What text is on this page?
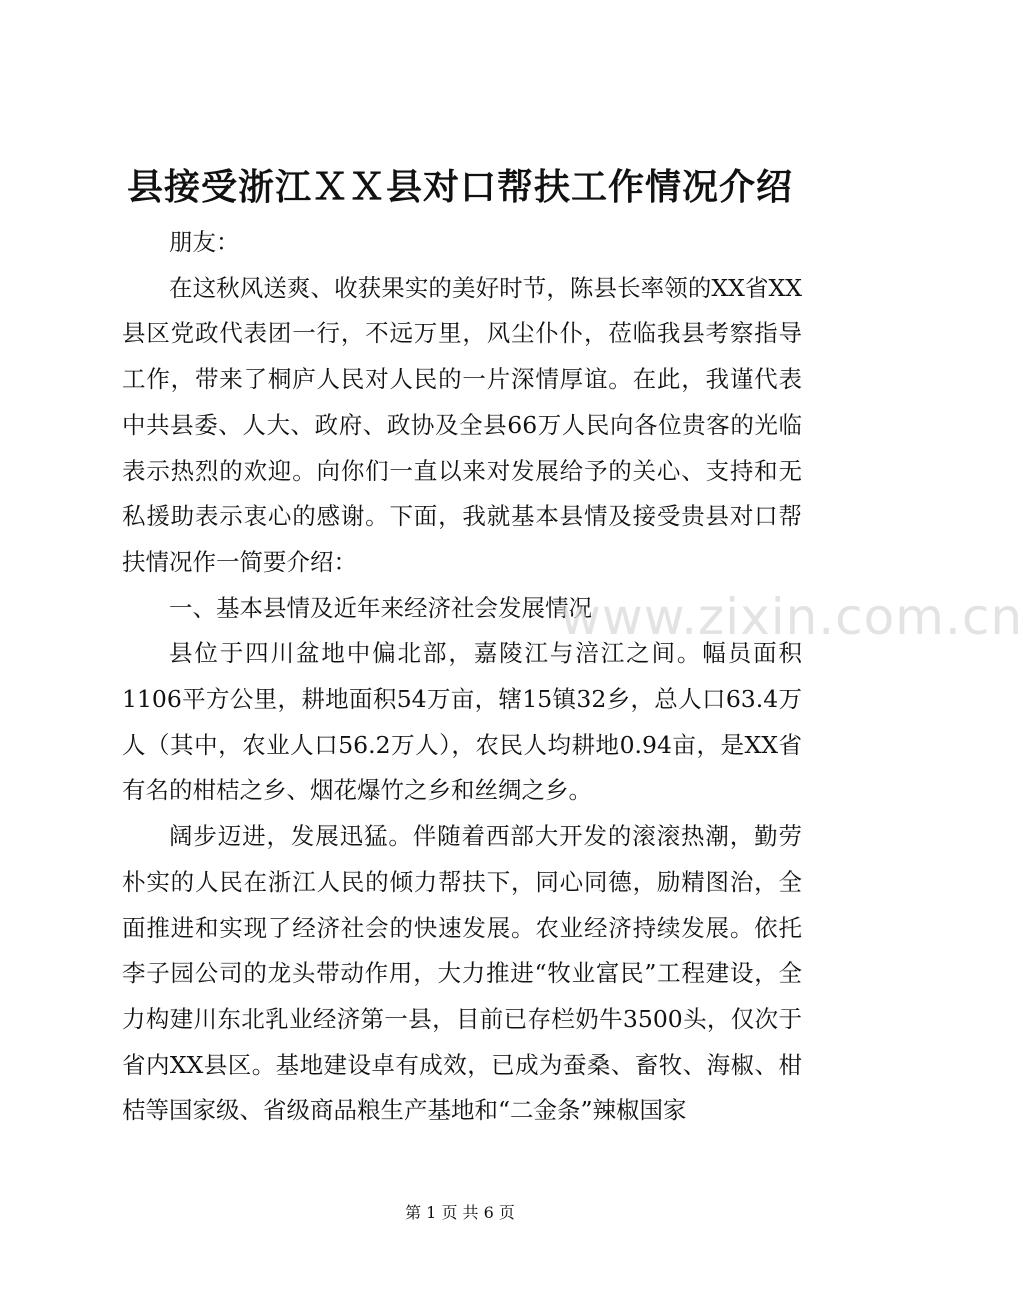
县接受浙江ＸＸ县对口帮扶工作情况介绍

朋友：

在这秋风送爽、收获果实的美好时节，陈县长率领的XX省XX县区党政代表团一行，不远万里，风尘仆仆，莅临我县考察指导工作，带来了桐庐人民对人民的一片深情厚谊。在此，我谨代表中共县委、人大、政府、政协及全县66万人民向各位贵客的光临表示热烈的欢迎。向你们一直以来对发展给予的关心、支持和无私援助表示衷心的感谢。下面，我就基本县情及接受贵县对口帮扶情况作一简要介绍：

一、基本县情及近年来经济社会发展情况

县位于四川盆地中偏北部，嘉陵江与涪江之间。幅员面积1106平方公里，耕地面积54万亩，辖15镇32乡，总人口63.4万人（其中，农业人口56.2万人），农民人均耕地0.94亩，是XX省有名的柑桔之乡、烟花爆竹之乡和丝绸之乡。

阔步迈进，发展迅猛。伴随着西部大开发的滚滚热潮，勤劳朴实的人民在浙江人民的倾力帮扶下，同心同德，励精图治，全面推进和实现了经济社会的快速发展。农业经济持续发展。依托李子园公司的龙头带动作用，大力推进“牧业富民”工程建设，全力构建川东北乳业经济第一县，目前已存栏奶牛3500头，仅次于省内XX县区。基地建设卓有成效，已成为蚕桑、畜牧、海椒、柑桔等国家级、省级商品粮生产基地和“二金条”辣椒国家

www.zixin.com.cn
第 1 页 共 6 页
